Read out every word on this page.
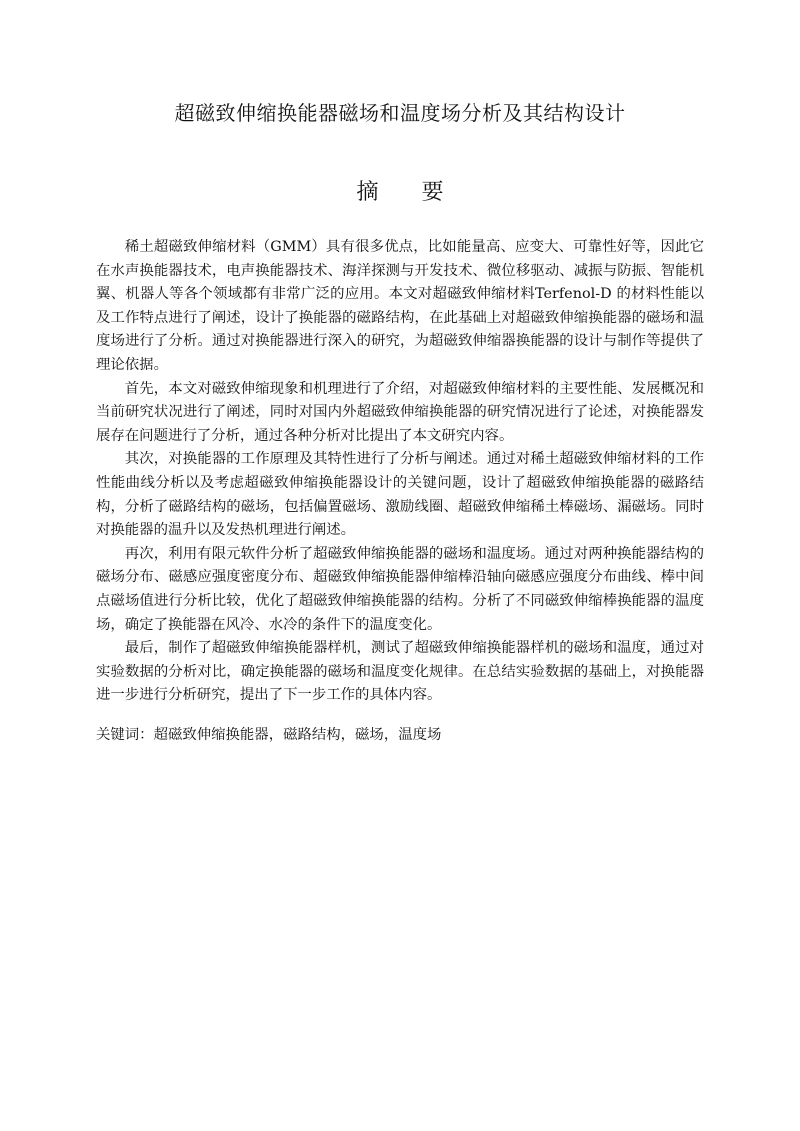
超磁致伸缩换能器磁场和温度场分析及其结构设计
摘 要

稀土超磁致伸缩材料（GMM）具有很多优点，比如能量高、应变大、可靠性好等，因此它在水声换能器技术，电声换能器技术、海洋探测与开发技术、微位移驱动、减振与防振、智能机翼、机器人等各个领域都有非常广泛的应用。本文对超磁致伸缩材料Terfenol-D 的材料性能以及工作特点进行了阐述，设计了换能器的磁路结构，在此基础上对超磁致伸缩换能器的磁场和温度场进行了分析。通过对换能器进行深入的研究，为超磁致伸缩器换能器的设计与制作等提供了理论依据。

首先，本文对磁致伸缩现象和机理进行了介绍，对超磁致伸缩材料的主要性能、发展概况和当前研究状况进行了阐述，同时对国内外超磁致伸缩换能器的研究情况进行了论述，对换能器发展存在问题进行了分析，通过各种分析对比提出了本文研究内容。

其次，对换能器的工作原理及其特性进行了分析与阐述。通过对稀土超磁致伸缩材料的工作性能曲线分析以及考虑超磁致伸缩换能器设计的关键问题，设计了超磁致伸缩换能器的磁路结构，分析了磁路结构的磁场，包括偏置磁场、激励线圈、超磁致伸缩稀土棒磁场、漏磁场。同时对换能器的温升以及发热机理进行阐述。

再次，利用有限元软件分析了超磁致伸缩换能器的磁场和温度场。通过对两种换能器结构的磁场分布、磁感应强度密度分布、超磁致伸缩换能器伸缩棒沿轴向磁感应强度分布曲线、棒中间点磁场值进行分析比较，优化了超磁致伸缩换能器的结构。分析了不同磁致伸缩棒换能器的温度场，确定了换能器在风冷、水冷的条件下的温度变化。

最后，制作了超磁致伸缩换能器样机，测试了超磁致伸缩换能器样机的磁场和温度，通过对实验数据的分析对比，确定换能器的磁场和温度变化规律。在总结实验数据的基础上，对换能器进一步进行分析研究，提出了下一步工作的具体内容。

关键词：超磁致伸缩换能器，磁路结构，磁场，温度场
